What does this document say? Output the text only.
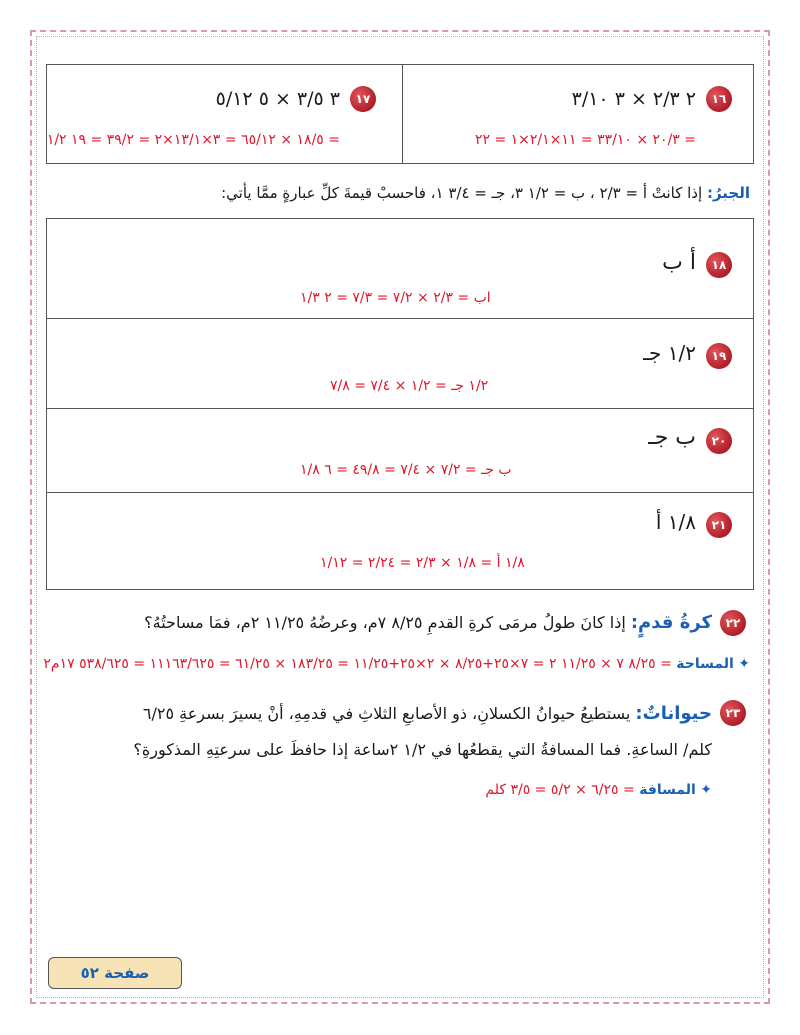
١٦
٢ ٢/٣ × ٣ ٣/١٠
= ٢٠/٣ × ٣٣/١٠ = ١١×٢/١×١ = ٢٢
١٧
٣ ٣/٥ × ٥ ٥/١٢
= ١٨/٥ × ٦٥/١٢ = ٣×١٣/١×٢ = ٣٩/٢ = ١٩ ١/٢
الجبرُ: إذا كانتْ أ = ٢/٣ ، ب = ١/٢ ٣، جـ = ٣/٤ ١، فاحسبْ قيمةَ كلِّ عبارةٍ ممَّا يأتي:
١٨
أ ب
اب = ٢/٣ × ٧/٢ = ٧/٣ = ٢ ١/٣
١٩
١/٢ جـ
١/٢ جـ = ١/٢ × ٧/٤ = ٧/٨
٢٠
ب جـ
ب جـ = ٧/٢ × ٧/٤ = ٤٩/٨ = ٦ ١/٨
٢١
١/٨ أ
١/٨ أ = ١/٨ × ٢/٣ = ٢/٢٤ = ١/١٢
٢٢
كرةُ قدمٍ: إذا كانَ طولُ مرمَى كرةِ القدمِ ٨/٢٥ ٧م، وعرضُهُ ١١/٢٥ ٢م، فمَا مساحتُهُ؟
✦ المساحة = ٨/٢٥ ٧ × ١١/٢٥ ٢ = ٧×٢٥+٨/٢٥ × ٢×٢٥+١١/٢٥ = ١٨٣/٢٥ × ٦١/٢٥ = ١١١٦٣/٦٢٥ = ٥٣٨/٦٢٥ ١٧م٢
٢٣
حيواناتٌ: يستطيعُ حيوانُ الكسلانِ، ذو الأصابعِ الثلاثِ في قدمِهِ، أنْ يسيرَ بسرعةِ ٦/٢٥
كلم/ الساعةِ. فما المسافةُ التي يقطعُها في ١/٢ ٢ساعة إذا حافظَ على سرعتِهِ المذكورةِ؟
✦ المسافة = ٦/٢٥ × ٥/٢ = ٣/٥ كلم
صفحة ٥٢
